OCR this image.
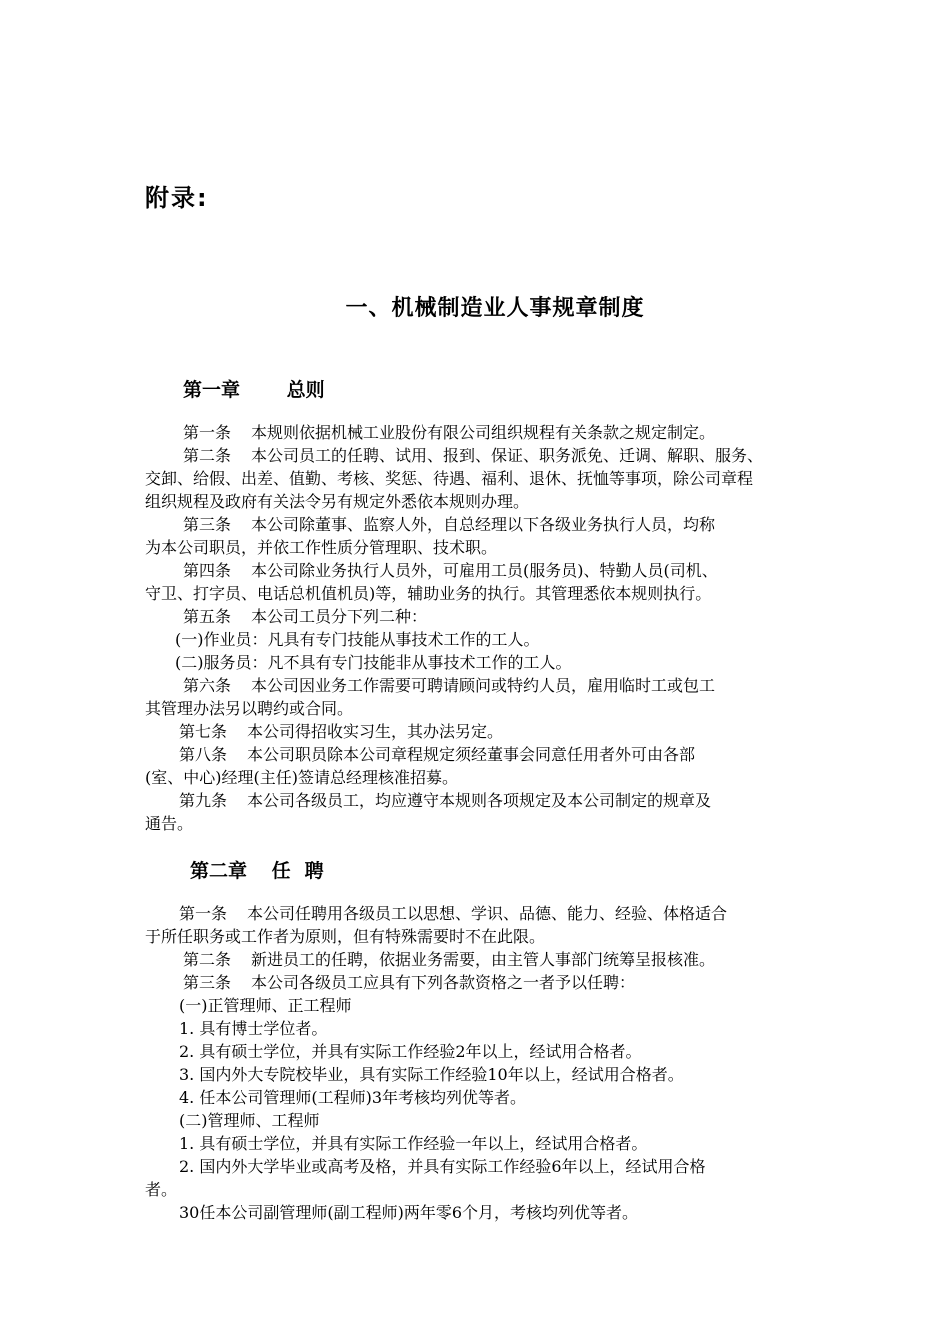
附录:
一、机械制造业人事规章制度
第一章 总则
第一条 本规则依据机械工业股份有限公司组织规程有关条款之规定制定。
第二条 本公司员工的任聘、试用、报到、保证、职务派免、迁调、解职、服务、
交卸、给假、出差、值勤、考核、奖惩、待遇、福利、退休、抚恤等事项，除公司章程
组织规程及政府有关法令另有规定外悉依本规则办理。
第三条 本公司除董事、监察人外，自总经理以下各级业务执行人员，均称
为本公司职员，并依工作性质分管理职、技术职。
第四条 本公司除业务执行人员外，可雇用工员(服务员)、特勤人员(司机、
守卫、打字员、电话总机值机员)等，辅助业务的执行。其管理悉依本规则执行。
第五条 本公司工员分下列二种：
(一)作业员：凡具有专门技能从事技术工作的工人。
(二)服务员：凡不具有专门技能非从事技术工作的工人。
第六条 本公司因业务工作需要可聘请顾问或特约人员，雇用临时工或包工
其管理办法另以聘约或合同。
第七条 本公司得招收实习生，其办法另定。
第八条 本公司职员除本公司章程规定须经董事会同意任用者外可由各部
(室、中心)经理(主任)签请总经理核准招募。
第九条 本公司各级员工，均应遵守本规则各项规定及本公司制定的规章及
通告。
第二章 任聘
第一条 本公司任聘用各级员工以思想、学识、品德、能力、经验、体格适合
于所任职务或工作者为原则，但有特殊需要时不在此限。
第二条 新进员工的任聘，依据业务需要，由主管人事部门统筹呈报核准。
第三条 本公司各级员工应具有下列各款资格之一者予以任聘：
(一)正管理师、正工程师
1. 具有博士学位者。
2. 具有硕士学位，并具有实际工作经验2年以上，经试用合格者。
3. 国内外大专院校毕业，具有实际工作经验10年以上，经试用合格者。
4. 任本公司管理师(工程师)3年考核均列优等者。
(二)管理师、工程师
1. 具有硕士学位，并具有实际工作经验一年以上，经试用合格者。
2. 国内外大学毕业或高考及格，并具有实际工作经验6年以上，经试用合格
者。
30任本公司副管理师(副工程师)两年零6个月，考核均列优等者。
